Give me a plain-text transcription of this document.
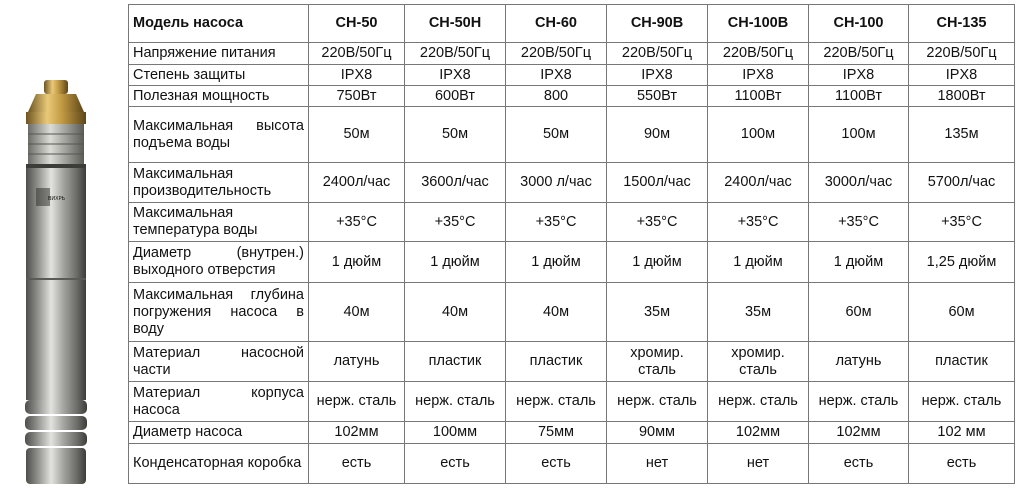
ВИХРЬ
Модель насоса	СН-50	СН-50Н	СН-60	СН-90В	СН-100В	СН-100	СН-135
Напряжение питания	220В/50Гц	220В/50Гц	220В/50Гц	220В/50Гц	220В/50Гц	220В/50Гц	220В/50Гц
Степень защиты	IPX8	IPX8	IPX8	IPX8	IPX8	IPX8	IPX8
Полезная мощность	750Вт	600Вт	800	550Вт	1100Вт	1100Вт	1800Вт
Максимальная высота подъема воды	50м	50м	50м	90м	100м	100м	135м
Максимальная производительность	2400л/час	3600л/час	3000 л/час	1500л/час	2400л/час	3000л/час	5700л/час
Максимальная температура воды	+35°С	+35°С	+35°С	+35°С	+35°С	+35°С	+35°С
Диаметр (внутрен.) выходного отверстия	1 дюйм	1 дюйм	1 дюйм	1 дюйм	1 дюйм	1 дюйм	1,25 дюйм
Максимальная глубина погружения насоса в воду	40м	40м	40м	35м	35м	60м	60м
Материал насосной части	латунь	пластик	пластик	хромир. сталь	хромир. сталь	латунь	пластик
Материал корпуса насоса	нерж. сталь	нерж. сталь	нерж. сталь	нерж. сталь	нерж. сталь	нерж. сталь	нерж. сталь
Диаметр насоса	102мм	100мм	75мм	90мм	102мм	102мм	102 мм
Конденсаторная коробка	есть	есть	есть	нет	нет	есть	есть
